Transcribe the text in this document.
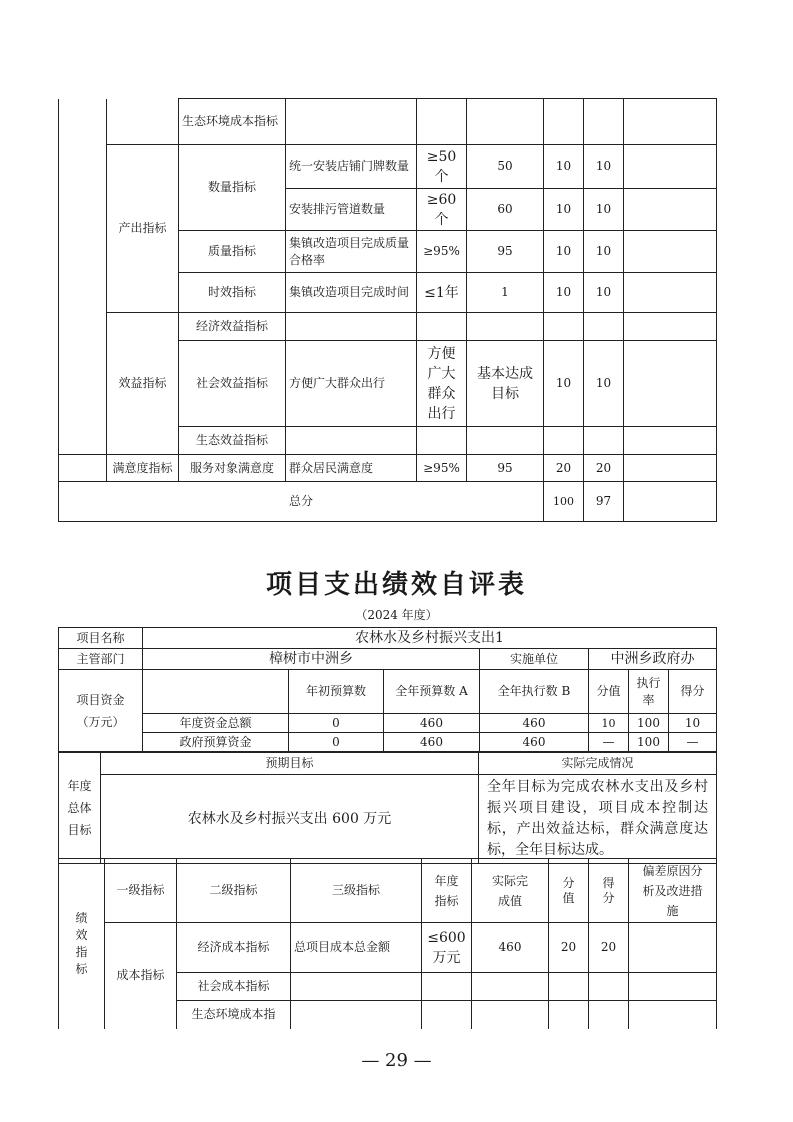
		生态环境成本指标						
	产出指标	数量指标	统一安装店铺门牌数量	≥50个	50	10	10	
			安装排污管道数量	≥60个	60	10	10	
		质量指标	集镇改造项目完成质量合格率	≥95%	95	10	10	
		时效指标	集镇改造项目完成时间	≤1年	1	10	10	
	效益指标	经济效益指标						
		社会效益指标	方便广大群众出行	方便广大群众出行	基本达成目标	10	10	
		生态效益指标						
	满意度指标	服务对象满意度	群众居民满意度	≥95%	95	20	20	
总分						100	97	
项目支出绩效自评表
（2024 年度）
项目名称	农林水及乡村振兴支出1						
主管部门	樟树市中洲乡			实施单位	中洲乡政府办		

项目资金（万元）		年初预算数	全年预算数 A	全年执行数 B	分值	执行率	得分
	年度资金总额	0	460	460	10	100	10
	政府预算资金	0	460	460	—	100	—
年度总体目标	预期目标	实际完成情况
	农林水及乡村振兴支出 600 万元	全年目标为完成农林水支出及乡村振兴项目建设，项目成本控制达标，产出效益达标，群众满意度达标，全年目标达成。
绩效指标	一级指标	二级指标	三级指标	年度指标	实际完成值	分值	得分	偏差原因分析及改进措施

	成本指标	经济成本指标	总项目成本总金额	≤600万元	460	20	20	
		社会成本指标						
		生态环境成本指						
— 29 —
